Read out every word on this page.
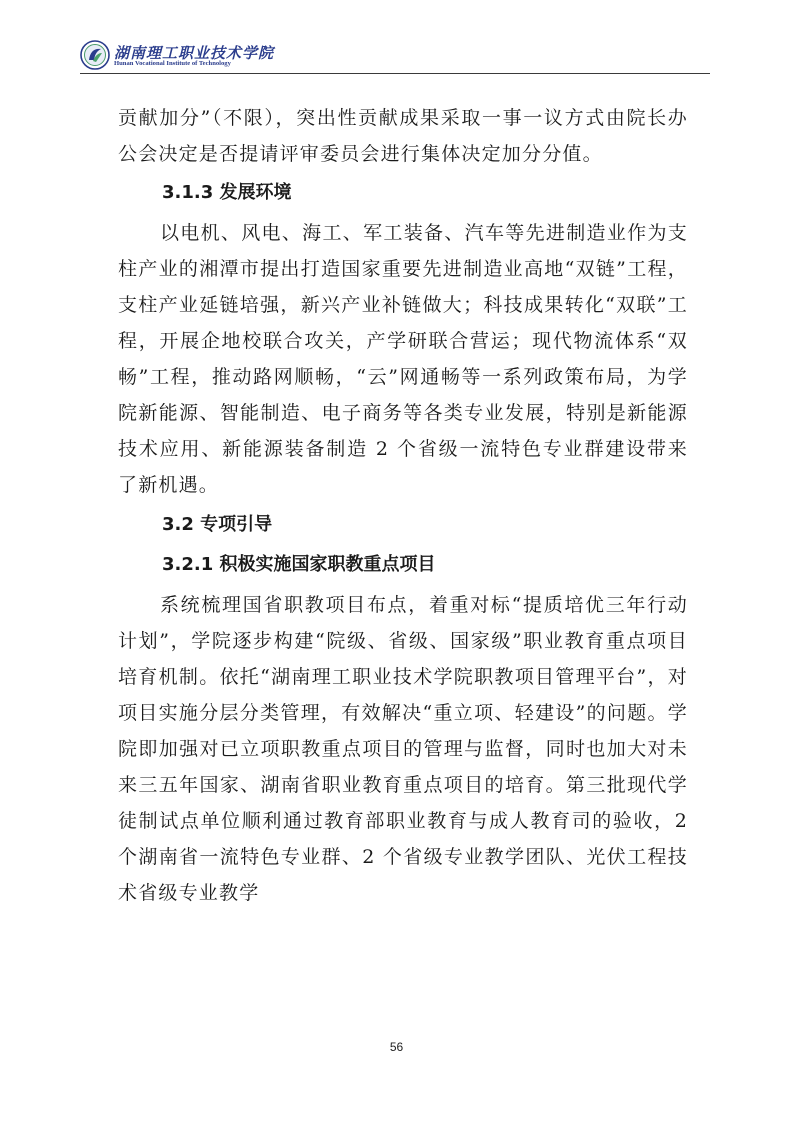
湖南理工职业技术学院
Hunan Vocational Institute of Technology

贡献加分”（不限），突出性贡献成果采取一事一议方式由院长办公会决定是否提请评审委员会进行集体决定加分分值。

3.1.3 发展环境

以电机、风电、海工、军工装备、汽车等先进制造业作为支柱产业的湘潭市提出打造国家重要先进制造业高地“双链”工程，支柱产业延链培强，新兴产业补链做大；科技成果转化“双联”工程，开展企地校联合攻关，产学研联合营运；现代物流体系“双畅”工程，推动路网顺畅，“云”网通畅等一系列政策布局，为学院新能源、智能制造、电子商务等各类专业发展，特别是新能源技术应用、新能源装备制造 2 个省级一流特色专业群建设带来了新机遇。

3.2 专项引导
3.2.1 积极实施国家职教重点项目

系统梳理国省职教项目布点，着重对标“提质培优三年行动计划”，学院逐步构建“院级、省级、国家级”职业教育重点项目培育机制。依托“湖南理工职业技术学院职教项目管理平台”，对项目实施分层分类管理，有效解决“重立项、轻建设”的问题。学院即加强对已立项职教重点项目的管理与监督，同时也加大对未来三五年国家、湖南省职业教育重点项目的培育。第三批现代学徒制试点单位顺利通过教育部职业教育与成人教育司的验收，2 个湖南省一流特色专业群、2 个省级专业教学团队、光伏工程技术省级专业教学

56
